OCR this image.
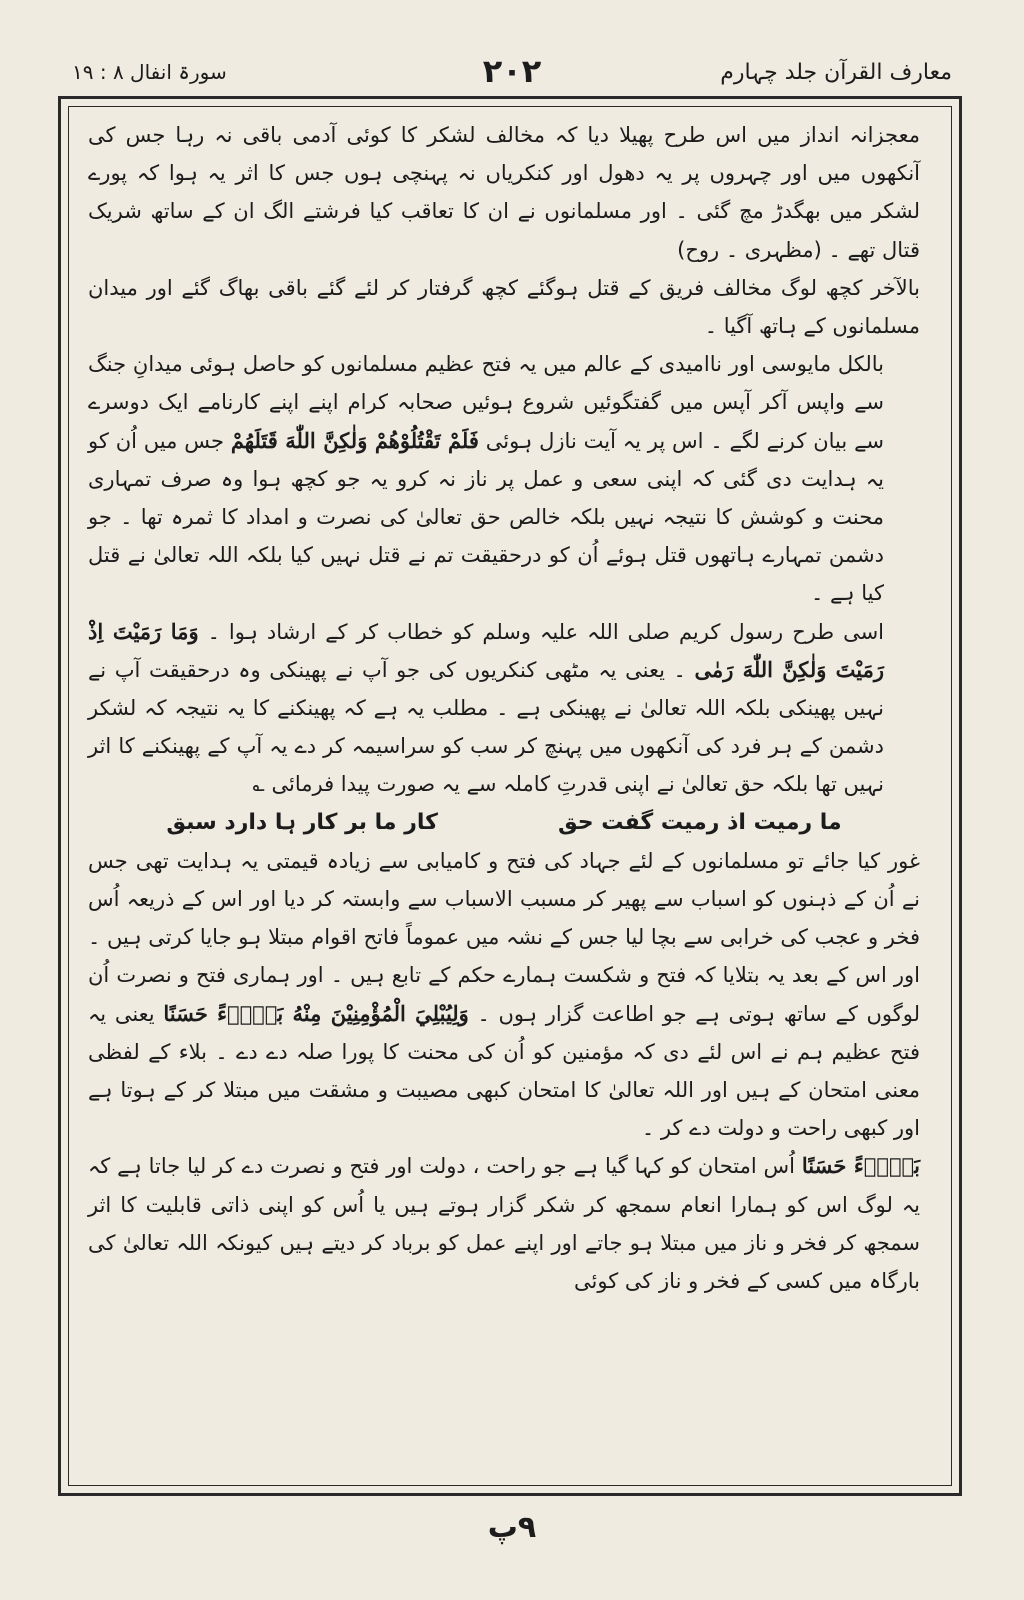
معارف القرآن جلد چہارم
۲۰۲
سورۃ انفال ۸ : ۱۹

معجزانہ انداز میں اس طرح پھیلا دیا کہ مخالف لشکر کا کوئی آدمی باقی نہ رہا جس کی آنکھوں میں اور چہروں پر یہ دھول اور کنکریاں نہ پہنچی ہوں جس کا اثر یہ ہوا کہ پورے لشکر میں بھگدڑ مچ گئی ۔ اور مسلمانوں نے ان کا تعاقب کیا فرشتے الگ ان کے ساتھ شریک قتال تھے ۔ (مظہری ۔ روح)

بالآخر کچھ لوگ مخالف فریق کے قتل ہوگئے کچھ گرفتار کر لئے گئے باقی بھاگ گئے اور میدان مسلمانوں کے ہاتھ آگیا ۔

بالکل مایوسی اور ناامیدی کے عالم میں یہ فتح عظیم مسلمانوں کو حاصل ہوئی میدانِ جنگ سے واپس آکر آپس میں گفتگوئیں شروع ہوئیں صحابہ کرام اپنے اپنے کارنامے ایک دوسرے سے بیان کرنے لگے ۔ اس پر یہ آیت نازل ہوئی فَلَمْ تَقْتُلُوْهُمْ وَلٰكِنَّ اللّٰهَ قَتَلَهُمْ جس میں اُن کو یہ ہدایت دی گئی کہ اپنی سعی و عمل پر ناز نہ کرو یہ جو کچھ ہوا وہ صرف تمہاری محنت و کوشش کا نتیجہ نہیں بلکہ خالص حق تعالیٰ کی نصرت و امداد کا ثمرہ تھا ۔ جو دشمن تمہارے ہاتھوں قتل ہوئے اُن کو درحقیقت تم نے قتل نہیں کیا بلکہ اللہ تعالیٰ نے قتل کیا ہے ۔

اسی طرح رسول کریم صلی اللہ علیہ وسلم کو خطاب کر کے ارشاد ہوا ۔ وَمَا رَمَيْتَ اِذْ رَمَيْتَ وَلٰكِنَّ اللّٰهَ رَمٰى ۔ یعنی یہ مٹھی کنکریوں کی جو آپ نے پھینکی وہ درحقیقت آپ نے نہیں پھینکی بلکہ اللہ تعالیٰ نے پھینکی ہے ۔ مطلب یہ ہے کہ پھینکنے کا یہ نتیجہ کہ لشکر دشمن کے ہر فرد کی آنکھوں میں پہنچ کر سب کو سراسیمہ کر دے یہ آپ کے پھینکنے کا اثر نہیں تھا بلکہ حق تعالیٰ نے اپنی قدرتِ کاملہ سے یہ صورت پیدا فرمائی ؎

ما رمیت اذ رمیت گفت حق
کار ما بر کار ہا دارد سبق

غور کیا جائے تو مسلمانوں کے لئے جہاد کی فتح و کامیابی سے زیادہ قیمتی یہ ہدایت تھی جس نے اُن کے ذہنوں کو اسباب سے پھیر کر مسبب الاسباب سے وابستہ کر دیا اور اس کے ذریعہ اُس فخر و عجب کی خرابی سے بچا لیا جس کے نشہ میں عموماً فاتح اقوام مبتلا ہو جایا کرتی ہیں ۔ اور اس کے بعد یہ بتلایا کہ فتح و شکست ہمارے حکم کے تابع ہیں ۔ اور ہماری فتح و نصرت اُن لوگوں کے ساتھ ہوتی ہے جو اطاعت گزار ہوں ۔ وَلِيُبْلِيَ الْمُؤْمِنِيْنَ مِنْهُ بَلَاۗءً حَسَنًا یعنی یہ فتح عظیم ہم نے اس لئے دی کہ مؤمنین کو اُن کی محنت کا پورا صلہ دے دے ۔ بلاء کے لفظی معنی امتحان کے ہیں اور اللہ تعالیٰ کا امتحان کبھی مصیبت و مشقت میں مبتلا کر کے ہوتا ہے اور کبھی راحت و دولت دے کر ۔

بَلَاۗءً حَسَنًا اُس امتحان کو کہا گیا ہے جو راحت ، دولت اور فتح و نصرت دے کر لیا جاتا ہے کہ یہ لوگ اس کو ہمارا انعام سمجھ کر شکر گزار ہوتے ہیں یا اُس کو اپنی ذاتی قابلیت کا اثر سمجھ کر فخر و ناز میں مبتلا ہو جاتے اور اپنے عمل کو برباد کر دیتے ہیں کیونکہ اللہ تعالیٰ کی بارگاہ میں کسی کے فخر و ناز کی کوئی

۹پ
